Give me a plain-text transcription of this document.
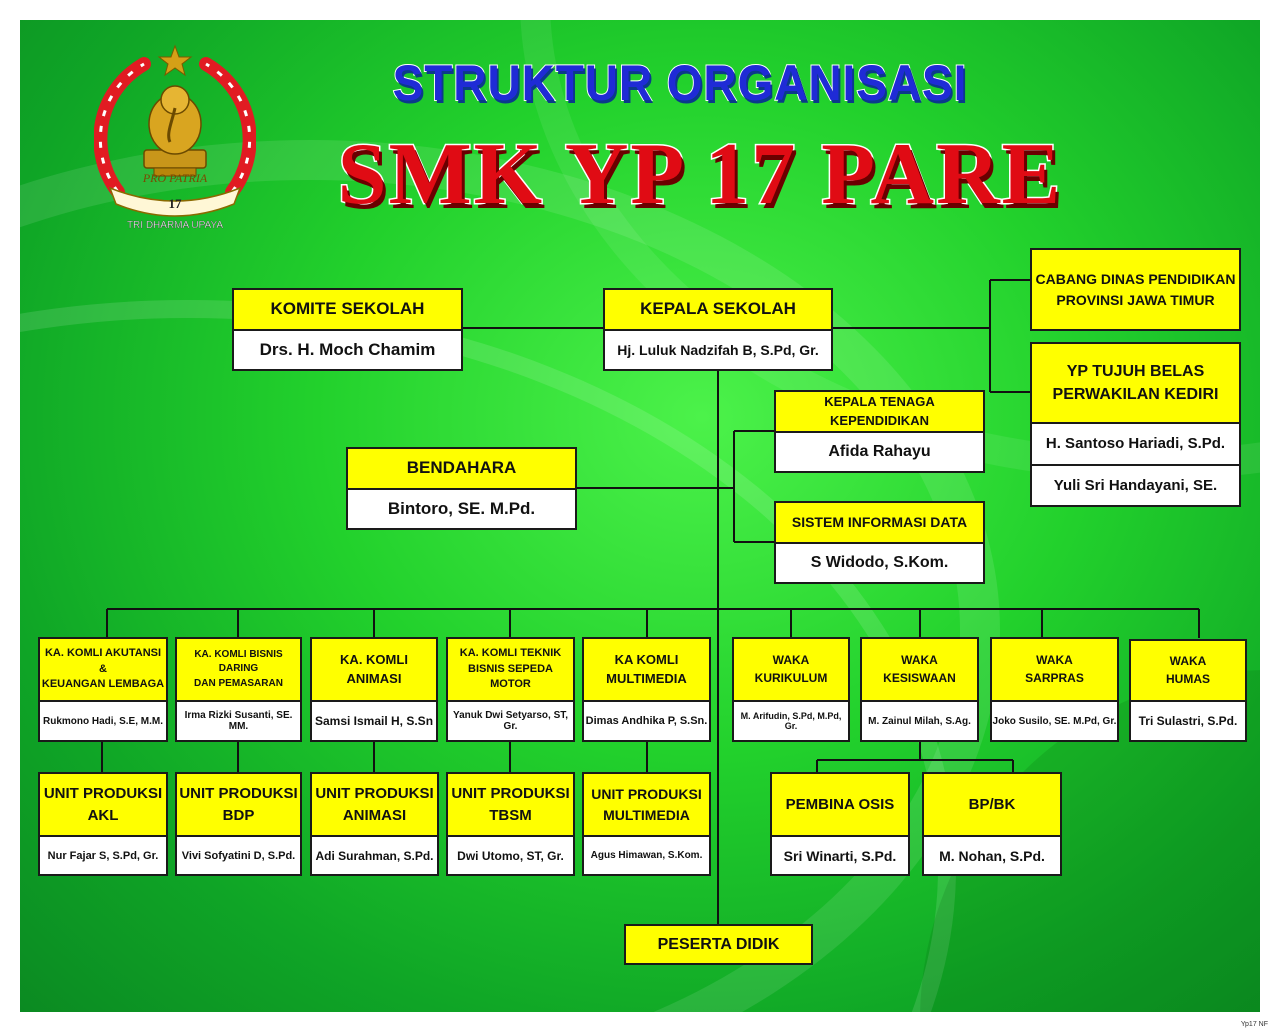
PRO PATRIA
17
TRI DHARMA UPAYA
STRUKTUR ORGANISASI
SMK YP 17 PARE
KOMITE SEKOLAH
Drs. H. Moch Chamim
KEPALA SEKOLAH
Hj. Luluk Nadzifah B, S.Pd, Gr.
CABANG DINAS PENDIDIKAN
PROVINSI JAWA TIMUR
YP TUJUH BELAS
PERWAKILAN KEDIRI
H. Santoso Hariadi, S.Pd.
Yuli Sri Handayani, SE.
KEPALA TENAGA KEPENDIDIKAN
Afida Rahayu
SISTEM INFORMASI DATA
S Widodo, S.Kom.
BENDAHARA
Bintoro, SE. M.Pd.
KA. KOMLI AKUTANSI &
KEUANGAN LEMBAGA
Rukmono Hadi, S.E, M.M.
KA. KOMLI BISNIS DARING
DAN PEMASARAN
Irma Rizki Susanti, SE. MM.
KA. KOMLI
ANIMASI
Samsi Ismail H, S.Sn
KA. KOMLI TEKNIK
BISNIS SEPEDA MOTOR
Yanuk Dwi Setyarso, ST, Gr.
KA KOMLI
MULTIMEDIA
Dimas Andhika P, S.Sn.
WAKA
KURIKULUM
M. Arifudin, S.Pd, M.Pd, Gr.
WAKA
KESISWAAN
M. Zainul Milah, S.Ag.
WAKA
SARPRAS
Joko Susilo, SE. M.Pd, Gr.
WAKA
HUMAS
Tri Sulastri, S.Pd.
UNIT PRODUKSI
AKL
Nur Fajar S, S.Pd, Gr.
UNIT PRODUKSI
BDP
Vivi Sofyatini D, S.Pd.
UNIT PRODUKSI
ANIMASI
Adi Surahman, S.Pd.
UNIT PRODUKSI
TBSM
Dwi Utomo, ST, Gr.
UNIT PRODUKSI
MULTIMEDIA
Agus Himawan, S.Kom.
PEMBINA OSIS
Sri Winarti, S.Pd.
BP/BK
M. Nohan, S.Pd.
PESERTA DIDIK
Yp17 NF
